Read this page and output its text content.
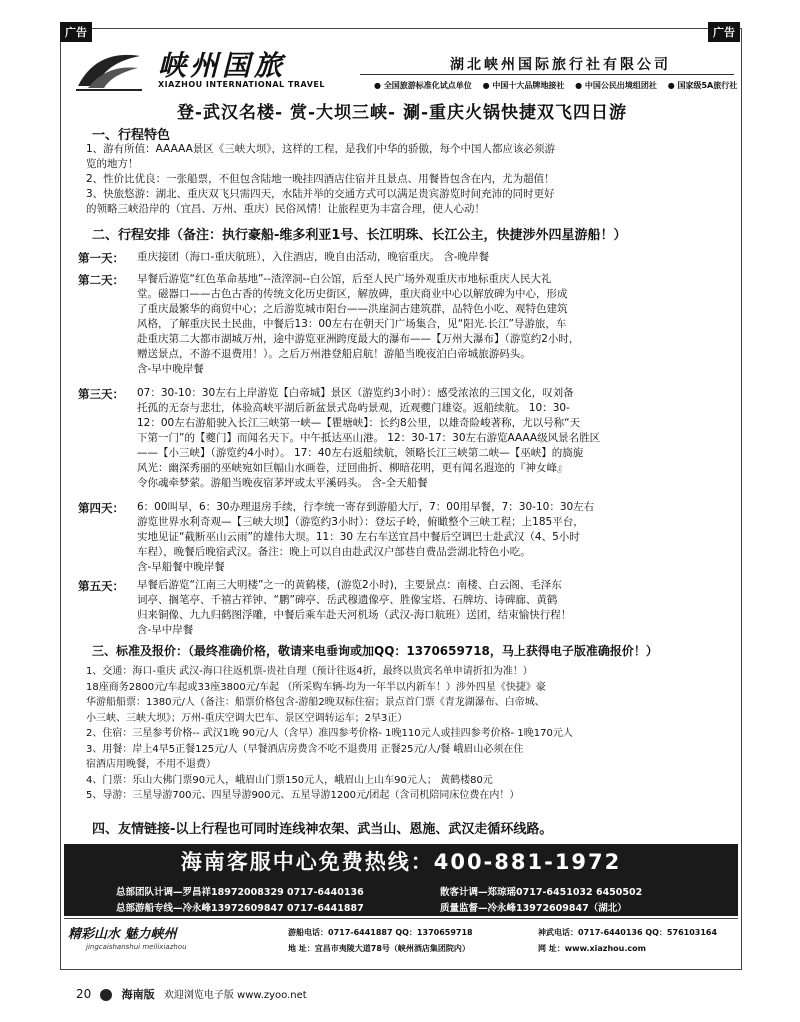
广告	广告
峡州国旅
XIAZHOU INTERNATIONAL TRAVEL
湖北峡州国际旅行社有限公司
● 全国旅游标准化试点单位 ● 中国十大品牌地接社 ● 中国公民出境组团社 ● 国家级5A旅行社
登-武汉名楼- 赏-大坝三峡- 涮-重庆火锅快捷双飞四日游
一、行程特色

1、游有所值：AAAAA景区《三峡大坝》，这样的工程，是我们中华的骄傲，每个中国人都应该必须游

览的地方！

2、性价比优良：一张船票，不但包含陆地一晚挂四酒店住宿并且景点、用餐皆包含在内，尤为超值！

3、快旅悠游：湖北、重庆双飞只需四天，水陆并举的交通方式可以满足贵宾游览时间充沛的同时更好

的领略三峡沿岸的（宜昌、万州、重庆）民俗风情！让旅程更为丰富合理，使人心动！

二、行程安排（备注：执行豪船-维多利亚1号、长江明珠、长江公主，快捷涉外四星游船！）
第一天： 重庆接团（海口-重庆航班），入住酒店，晚自由活动，晚宿重庆。 含-晚岸餐

第二天： 早餐后游览“红色革命基地”--渣滓洞--白公馆，后至人民广场外观重庆市地标重庆人民大礼

堂。磁器口——古色古香的传统文化历史街区，解放碑，重庆商业中心以解放碑为中心，形成

了重庆最繁华的商贸中心；之后游览城市阳台——洪崖洞古建筑群，品特色小吃、观特色建筑

风格，了解重庆民土民曲，中餐后13：00左右在朝天门广场集合，见“阳光.长江”导游旅，车

赴重庆第二大都市湖城万州，途中游览亚洲跨度最大的瀑布——【万州大瀑布】（游览约2小时，

赠送景点，不游不退费用！）。之后万州港登船启航！游船当晚夜泊白帝城旅游码头。

含-早中晚岸餐

第三天： 07：30-10：30左右上岸游览【白帝城】景区（游览约3小时）：感受浓浓的三国文化，叹刘备

托孤的无奈与悲壮，体验高峡平湖后新盆景式岛屿景观，近观夔门雄姿。返船续航。 10：30-

12：00左右游船驶入长江三峡第一峡—【瞿塘峡】：长约8公里，以雄奇险峻著称，尤以号称“天

下第一门”的【夔门】而闻名天下。中午抵达巫山港。 12：30-17：30左右游览AAAA级风景名胜区

——【小三峡】（游览约4小时）。 17：40左右返船续航，领略长江三峡第二峡—【巫峡】的旖旎

风光：幽深秀丽的巫峡宛如巨幅山水画卷，迂回曲折、柳暗花明，更有闻名遐迩的『神女峰』

令你魂牵梦萦。游船当晚夜宿茅坪或太平溪码头。 含-全天船餐

第四天： 6：00叫早，6：30办理退房手续，行李统一寄存到游船大厅，7：00用早餐，7：30-10：30左右

游览世界水利奇观—【三峡大坝】（游览约3小时）：登坛子岭，俯瞰整个三峡工程；上185平台，

实地见证“截断巫山云雨”的雄伟大坝。11：30 左右车送宜昌中餐后空调巴士赴武汉（4、5小时

车程），晚餐后晚宿武汉。备注：晚上可以自由赴武汉户部巷自费品尝湖北特色小吃。

含-早船餐中晚岸餐

第五天： 早餐后游览“江南三大明楼”之一的黄鹤楼，(游览2小时)，主要景点：南楼、白云阁、毛泽东

词亭、搁笔亭、千禧古祥钟、“鹏”碑亭、岳武穆遗像亭、胜像宝塔、石牌坊、诗碑廊、黄鹤

归来铜像、九九归鹤图浮雕，中餐后乘车赴天河机场（武汉-海口航班）送团，结束愉快行程！

含-早中岸餐

三、标准及报价：（最终准确价格，敬请来电垂询或加QQ：1370659718，马上获得电子版准确报价！）

1、交通：海口-重庆 武汉-海口往返机票-贵社自理（预计往返4折，最终以贵宾名单申请折扣为准！）

18座商务2800元/车起或33座3800元/车起 （所采购车辆-均为一年半以内新车！）涉外四星《快捷》豪

华游船船票：1380元/人（备注：船票价格包含-游船2晚双标住宿；景点首门票《青龙湖瀑布、白帝城、

小三峡、三峡大坝》；万州-重庆空调大巴车、景区空调转运车；2早3正）

2、住宿：三星参考价格-- 武汉1晚 90元/人（含早）准四参考价格- 1晚110元人或挂四参考价格- 1晚170元人

3、用餐：岸上4早5正餐125元/人（早餐酒店房费含不吃不退费用 正餐25元/人/餐 峨眉山必须在住

宿酒店用晚餐，不用不退费）

4、门票：乐山大佛门票90元人，峨眉山门票150元人，峨眉山上山车90元人； 黄鹤楼80元

5、导游：三星导游700元、四星导游900元、五星导游1200元/团起（含司机陪同床位费在内！）

四、友情链接-以上行程也可同时连线神农架、武当山、恩施、武汉走循环线路。
海南客服中心免费热线：400-881-1972
总部团队计调—罗昌祥18972008329 0717-6440136	散客计调—郑琼瑶0717-6451032 6450502
总部游船专线—冷永峰13972609847 0717-6441887	质量监督—冷永峰13972609847（湖北）
精彩山水 魅力峡州
jingcaishanshui meilixiazhou
游船电话：0717-6441887 QQ：1370659718	神武电话：0717-6440136 QQ：576103164
地 址：宜昌市夷陵大道78号（峡州酒店集团院内）	网 址：www.xiazhou.com
20	海南版 欢迎浏览电子版 www.zyoo.net
